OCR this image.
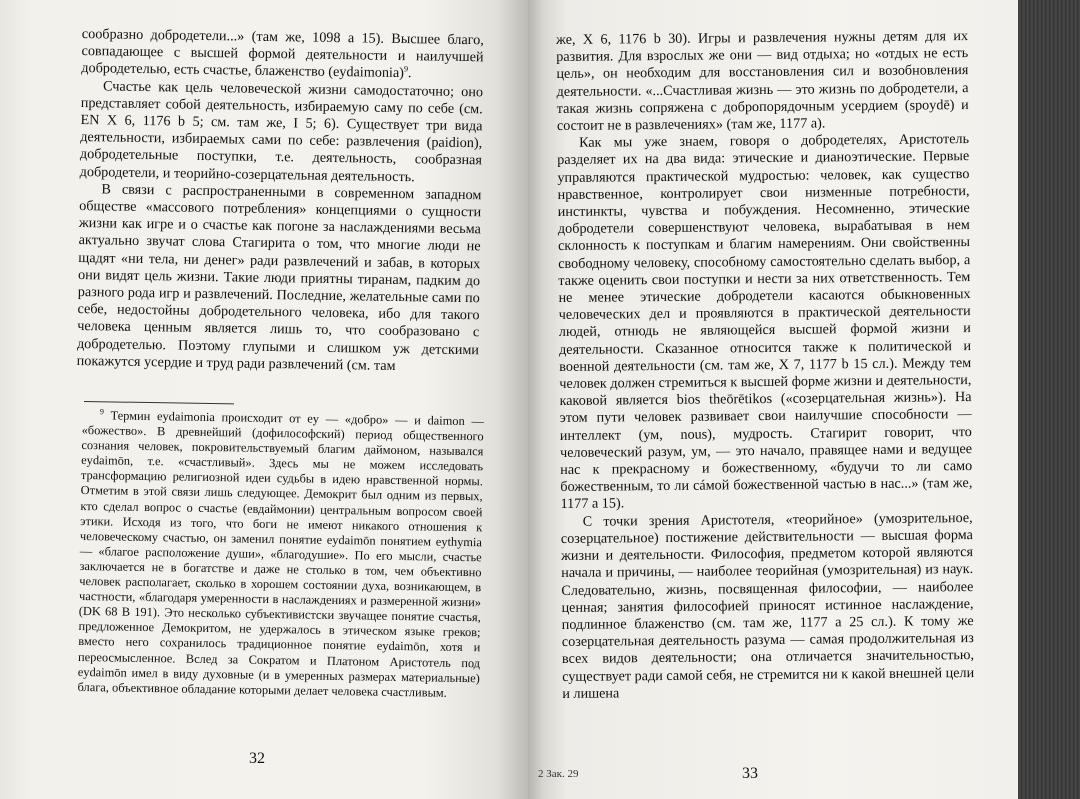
сообразно добродетели...» (там же, 1098 а 15). Высшее благо, совпадающее с высшей формой деятельности и наилучшей добродетелью, есть счастье, блаженство (eydaimonia)$^9$.

Счастье как цель человеческой жизни самодостаточно; оно представляет собой деятельность, избираемую саму по себе (см. EN X 6, 1176 b 5; см. там же, I 5; 6). Существует три вида деятельности, избираемых сами по себе: развлечения (paidion), добродетельные поступки, т.е. деятельность, сообразная добродетели, и теорийно-созерцательная деятельность.

В связи с распространенными в современном западном обществе «массового потребления» концепциями о сущности жизни как игре и о счастье как погоне за наслаждениями весьма актуально звучат слова Стагирита о том, что многие люди не щадят «ни тела, ни денег» ради развлечений и забав, в которых они видят цель жизни. Такие люди приятны тиранам, падким до разного рода игр и развлечений. Последние, желательные сами по себе, недостойны добродетельного человека, ибо для такого человека ценным является лишь то, что сообразовано с добродетелью. Поэтому глупыми и слишком уж детскими покажутся усердие и труд ради развлечений (см. там

$^9$ Термин eydaimonia происходит от ey — «добро» — и daimon — «божество». В древнейший (дофилософский) период общественного сознания человек, покровительствуемый благим даймоном, назывался eydaimōn, т.е. «счастливый». Здесь мы не можем исследовать трансформацию религиозной идеи судьбы в идею нравственной нормы. Отметим в этой связи лишь следующее. Демокрит был одним из первых, кто сделал вопрос о счастье (евдаймонии) центральным вопросом своей этики. Исходя из того, что боги не имеют никакого отношения к человеческому счастью, он заменил понятие eydaimōn понятием eythymia — «благое расположение души», «благодушие». По его мысли, счастье заключается не в богатстве и даже не столько в том, чем объективно человек располагает, сколько в хорошем состоянии духа, возникающем, в частности, «благодаря умеренности в наслаждениях и размеренной жизни» (DK 68 B 191). Это несколько субъективистски звучащее понятие счастья, предложенное Демокритом, не удержалось в этическом языке греков; вместо него сохранилось традиционное понятие eydaimōn, хотя и переосмысленное. Вслед за Сократом и Платоном Аристотель под eydaimōn имел в виду духовные (и в умеренных размерах материальные) блага, объективное обладание которыми делает человека счастливым.

32

же, X 6, 1176 b 30). Игры и развлечения нужны детям для их развития. Для взрослых же они — вид отдыха; но «отдых не есть цель», он необходим для восстановления сил и возобновления деятельности. «...Счастливая жизнь — это жизнь по добродетели, а такая жизнь сопряжена с добропорядочным усердием (spoydē) и состоит не в развлечениях» (там же, 1177 а).

Как мы уже знаем, говоря о добродетелях, Аристотель разделяет их на два вида: этические и дианоэтические. Первые управляются практической мудростью: человек, как существо нравственное, контролирует свои низменные потребности, инстинкты, чувства и побуждения. Несомненно, этические добродетели совершенствуют человека, вырабатывая в нем склонность к поступкам и благим намерениям. Они свойственны свободному человеку, способному самостоятельно сделать выбор, а также оценить свои поступки и нести за них ответственность. Тем не менее этические добродетели касаются обыкновенных человеческих дел и проявляются в практической деятельности людей, отнюдь не являющейся высшей формой жизни и деятельности. Сказанное относится также к политической и военной деятельности (см. там же, X 7, 1177 b 15 сл.). Между тем человек должен стремиться к высшей форме жизни и деятельности, каковой является bios theōrētikos («созерцательная жизнь»). На этом пути человек развивает свои наилучшие способности — интеллект (ум, nous), мудрость. Стагирит говорит, что человеческий разум, ум, — это начало, правящее нами и ведущее нас к прекрасному и божественному, «будучи то ли само божественным, то ли сáмой божественной частью в нас...» (там же, 1177 а 15).

С точки зрения Аристотеля, «теорийное» (умозрительное, созерцательное) постижение действительности — высшая форма жизни и деятельности. Философия, предметом которой являются начала и причины, — наиболее теорийная (умозрительная) из наук. Следовательно, жизнь, посвященная философии, — наиболее ценная; занятия философией приносят истинное наслаждение, подлинное блаженство (см. там же, 1177 а 25 сл.). К тому же созерцательная деятельность разума — самая продолжительная из всех видов деятельности; она отличается значительностью, существует ради самой себя, не стремится ни к какой внешней цели и лишена

2 Зак. 29	33
